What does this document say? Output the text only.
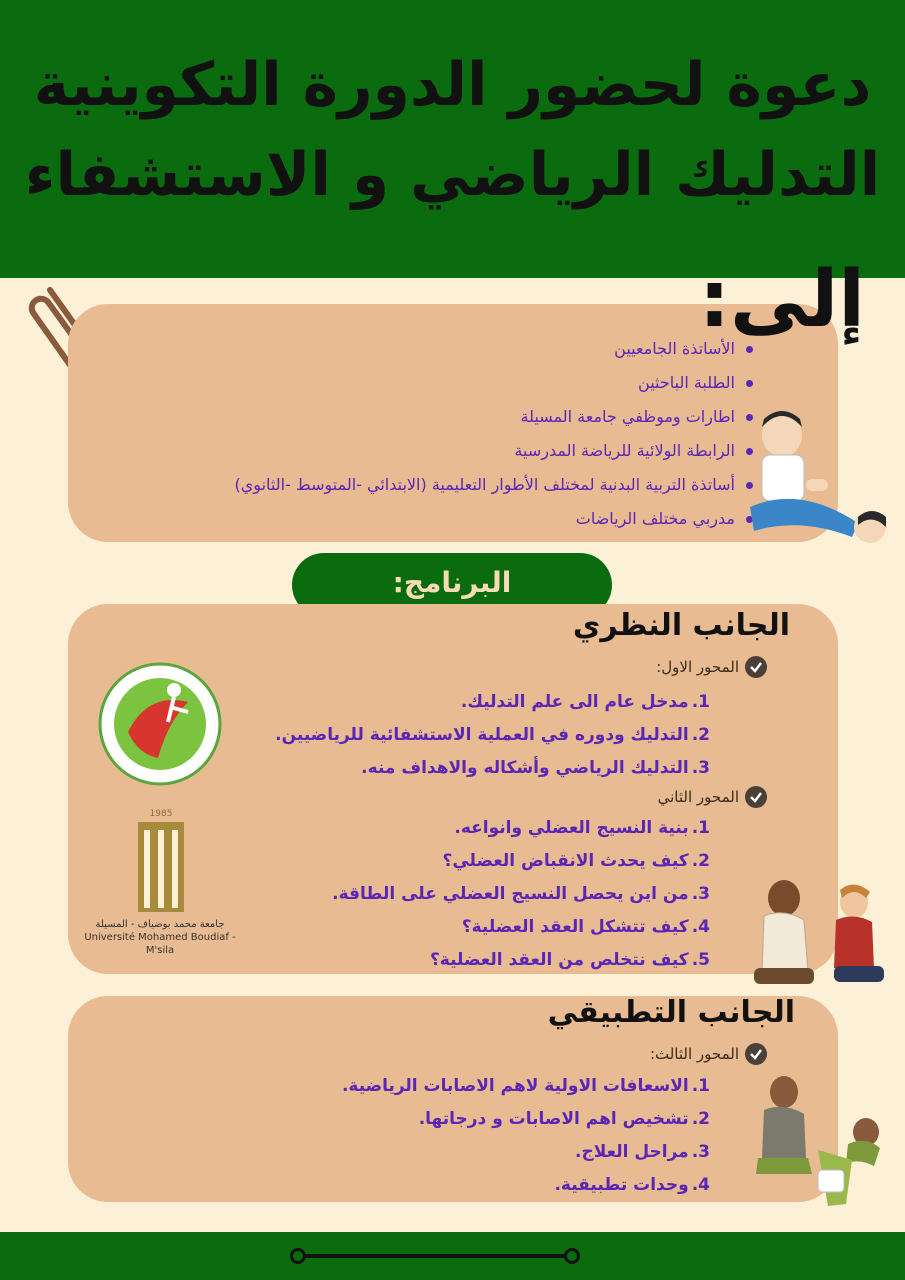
دعوة لحضور الدورة التكوينية
التدليك الرياضي و الاستشفاء
إلى:
الأساتذة الجامعيين
الطلبة الباحثين
اطارات وموظفي جامعة المسيلة
الرابطة الولائية للرياضة المدرسية
أساتذة التربية البدنية لمختلف الأطوار التعليمية (الابتدائي -المتوسط -الثانوي)
مدربي مختلف الرياضات
البرنامج:
الجانب النظري
المحور الاول:
1.مدخل عام الى علم التدليك.
2.التدليك ودوره في العملية الاستشفائية للرياضيين.
3.التدليك الرياضي وأشكاله والاهداف منه.
المحور الثاني
1.بنية النسيج العضلي وانواعه.
2.كيف يحدث الانقباض العضلي؟
3.من اين يحصل النسيج العضلي على الطاقة.
4.كيف تتشكل العقد العضلية؟
5.كيف نتخلص من العقد العضلية؟
1985
جامعة محمد بوضياف - المسيلة
Université Mohamed Boudiaf - M'sila
الجانب التطبيقي
المحور الثالث:
1.الاسعافات الاولية لاهم الاصابات الرياضية.
2.تشخيص اهم الاصابات و درجاتها.
3.مراحل العلاج.
4.وحدات تطبيقية.
